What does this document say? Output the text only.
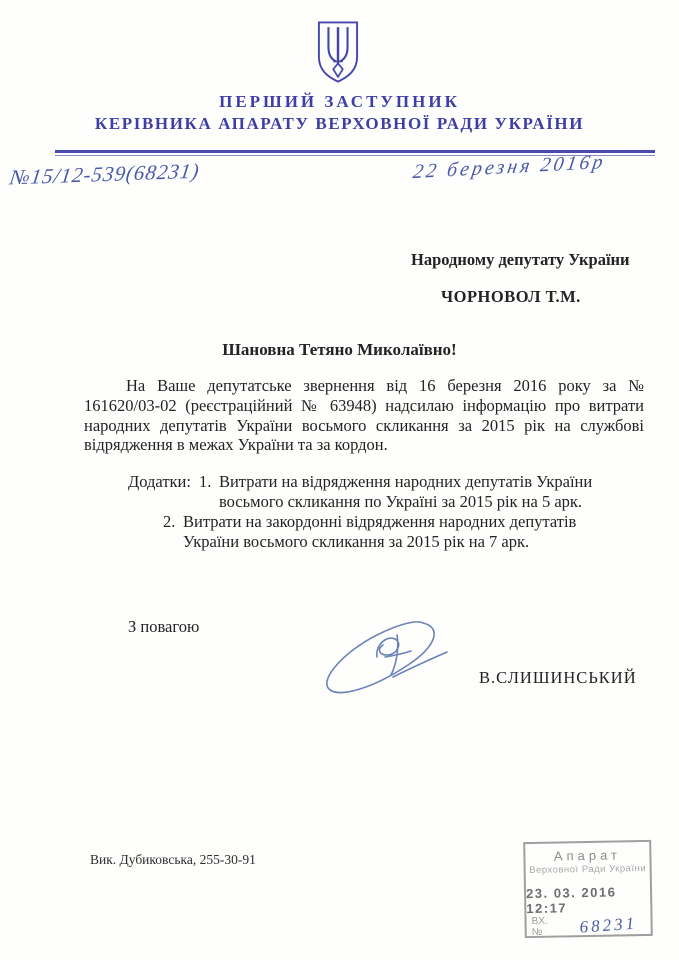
ПЕРШИЙ ЗАСТУПНИК
КЕРІВНИКА АПАРАТУ ВЕРХОВНОЇ РАДИ УКРАЇНИ
№15/12-539(68231)	22 березня 2016р
Народному депутату України
ЧОРНОВОЛ Т.М.
Шановна Тетяно Миколаївно!
На Ваше депутатське звернення від 16 березня 2016 року за № 161620/03-02 (реєстраційний № 63948) надсилаю інформацію про витрати народних депутатів України восьмого скликання за 2015 рік на службові відрядження в межах України та за кордон.
Додатки: 1. Витрати на відрядження народних депутатів України восьмого скликання по Україні за 2015 рік на 5 арк.
2. Витрати на закордонні відрядження народних депутатів України восьмого скликання за 2015 рік на 7 арк.
З повагою
В.СЛИШИНСЬКИЙ
Вик. Дубиковська, 255-30-91	Апарат
Верховної Ради України
23. 03. 2016 12:17
ВХ. №	68231
